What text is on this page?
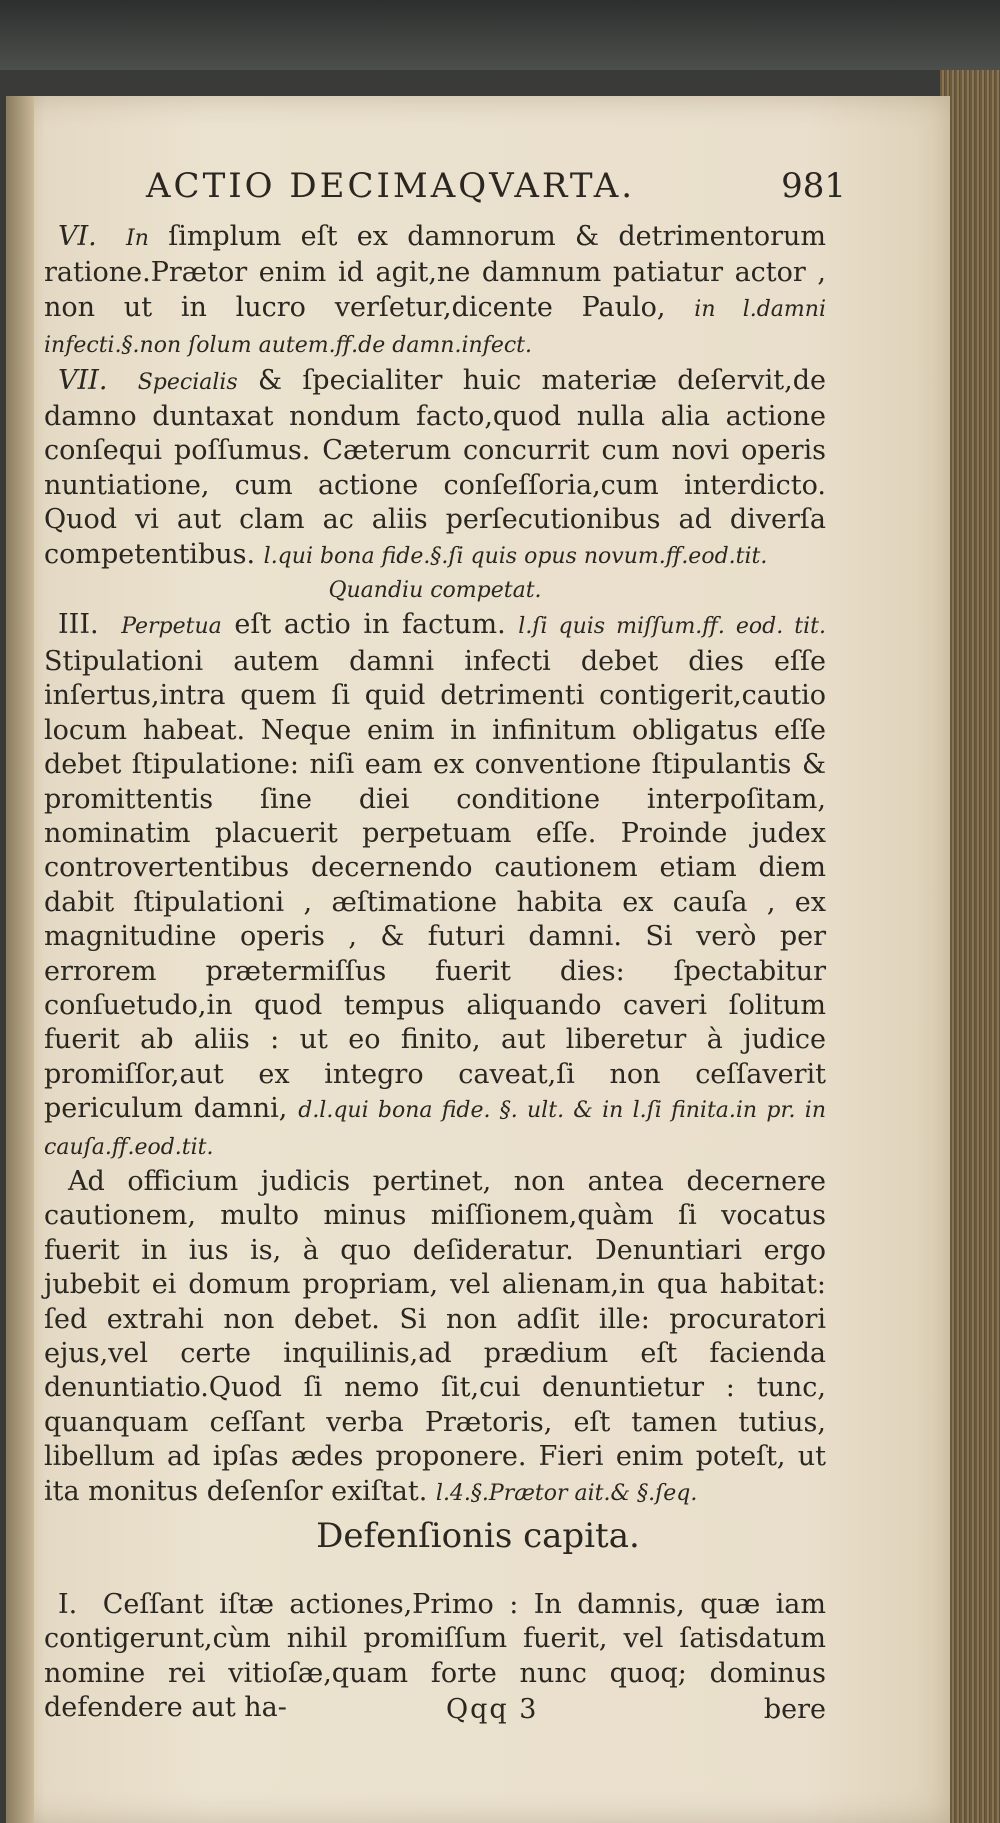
ACTIO DECIMAQVARTA.	981

VI. In ſimplum eſt ex damnorum & detrimentorum ratione.Prætor enim id agit,ne damnum patiatur actor , non ut in lucro verſetur,dicente Paulo, in l.damni infecti.§.non ſolum autem.ff.de damn.infect.

VII. Specialis & ſpecialiter huic materiæ deſervit,de damno duntaxat nondum facto,quod nulla alia actione conſequi poſſumus. Cæterum concurrit cum novi operis nuntiatione, cum actione conſeſſoria,cum interdicto. Quod vi aut clam ac aliis perſecutionibus ad diverſa competentibus. l.qui bona fide.§.ſi quis opus novum.ff.eod.tit.

Quandiu competat.

III. Perpetua eſt actio in factum. l.ſi quis miſſum.ff. eod. tit. Stipulationi autem damni infecti debet dies eſſe inſertus,intra quem ſi quid detrimenti contigerit,cautio locum habeat. Neque enim in infinitum obligatus eſſe debet ſtipulatione: niſi eam ex conventione ſtipulantis & promittentis ſine diei conditione interpoſitam, nominatim placuerit perpetuam eſſe. Proinde judex controvertentibus decernendo cautionem etiam diem dabit ſtipulationi , æſtimatione habita ex cauſa , ex magnitudine operis , & futuri damni. Si verò per errorem prætermiſſus fuerit dies: ſpectabitur conſuetudo,in quod tempus aliquando caveri ſolitum fuerit ab aliis : ut eo finito, aut liberetur à judice promiſſor,aut ex integro caveat,ſi non ceſſaverit periculum damni, d.l.qui bona fide. §. ult. & in l.ſi finita.in pr. in cauſa.ff.eod.tit.

Ad officium judicis pertinet, non antea decernere cautionem, multo minus miſſionem,quàm ſi vocatus fuerit in ius is, à quo deſideratur. Denuntiari ergo jubebit ei domum propriam, vel alienam,in qua habitat: ſed extrahi non debet. Si non adſit ille: procuratori ejus,vel certe inquilinis,ad prædium eſt facienda denuntiatio.Quod ſi nemo ſit,cui denuntietur : tunc, quanquam ceſſant verba Prætoris, eſt tamen tutius, libellum ad ipſas ædes proponere. Fieri enim poteſt, ut ita monitus deſenſor exiſtat. l.4.§.Prætor ait.& §.ſeq.

Defenſionis capita.

I. Ceſſant iſtæ actiones,Primo : In damnis, quæ iam contigerunt,cùm nihil promiſſum fuerit, vel ſatisdatum nomine rei vitioſæ,quam forte nunc quoq; dominus defendere aut ha-	Qqq 3	bere
